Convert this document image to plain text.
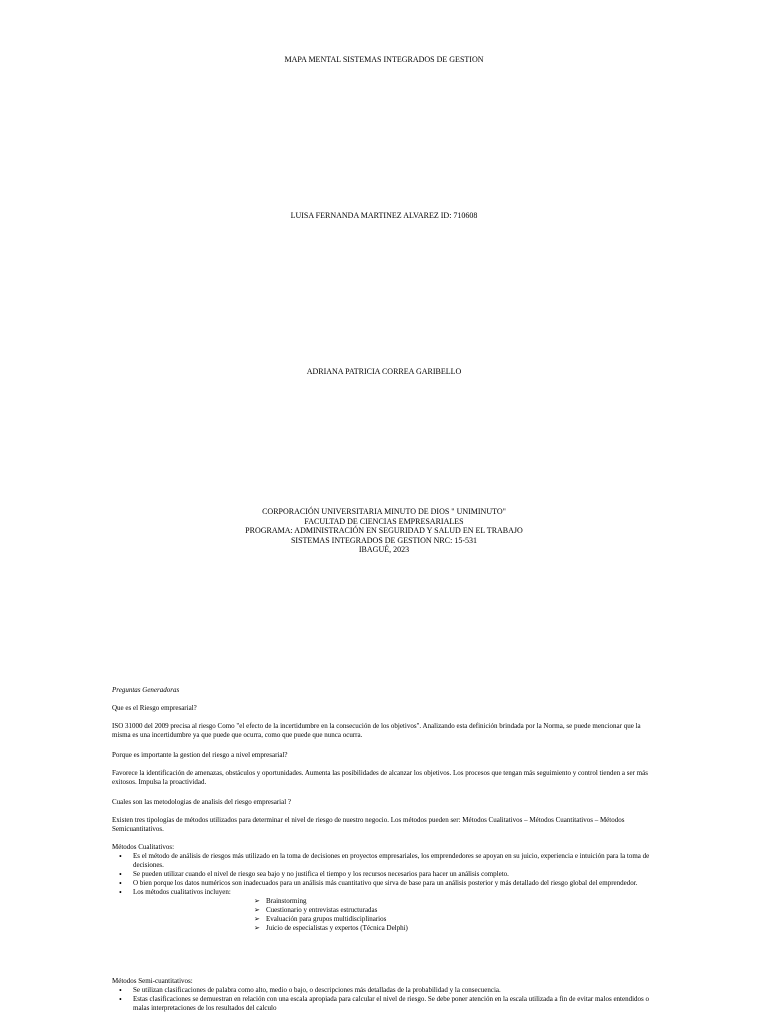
MAPA MENTAL SISTEMAS INTEGRADOS DE GESTION
LUISA FERNANDA MARTINEZ ALVAREZ ID: 710608
ADRIANA PATRICIA CORREA GARIBELLO
CORPORACIÓN UNIVERSITARIA MINUTO DE DIOS " UNIMINUTO"
FACULTAD DE CIENCIAS EMPRESARIALES
PROGRAMA: ADMINISTRACIÓN EN SEGURIDAD Y SALUD EN EL TRABAJO
SISTEMAS INTEGRADOS DE GESTION NRC: 15-531
IBAGUÉ, 2023
Preguntas Generadoras
Que es el Riesgo empresarial?
ISO 31000 del 2009 precisa al riesgo Como "el efecto de la incertidumbre en la consecución de los objetivos". Analizando esta definición brindada por la Norma, se puede mencionar que la misma es una incertidumbre ya que puede que ocurra, como que puede que nunca ocurra.
Porque es importante la gestion del riesgo a nivel empresarial?
Favorece la identificación de amenazas, obstáculos y oportunidades. Aumenta las posibilidades de alcanzar los objetivos. Los procesos que tengan más seguimiento y control tienden a ser más exitosos. Impulsa la proactividad.
Cuales son las metodologias de analisis del riesgo empresarial ?
Existen tres tipologías de métodos utilizados para determinar el nivel de riesgo de nuestro negocio. Los métodos pueden ser: Métodos Cualitativos – Métodos Cuantitativos – Métodos Semicuantitativos.
Métodos Cualitativos:
• Es el método de análisis de riesgos más utilizado en la toma de decisiones en proyectos empresariales, los emprendedores se apoyan en su juicio, experiencia e intuición para la toma de decisiones.
• Se pueden utilizar cuando el nivel de riesgo sea bajo y no justifica el tiempo y los recursos necesarios para hacer un análisis completo.
• O bien porque los datos numéricos son inadecuados para un análisis más cuantitativo que sirva de base para un análisis posterior y más detallado del riesgo global del emprendedor.
• Los métodos cualitativos incluyen:
➢ Brainstorming
➢ Cuestionario y entrevistas estructuradas
➢ Evaluación para grupos multidisciplinarios
➢ Juicio de especialistas y expertos (Técnica Delphi)
Métodos Semi-cuantitativos:
• Se utilizan clasificaciones de palabra como alto, medio o bajo, o descripciones más detalladas de la probabilidad y la consecuencia.
• Estas clasificaciones se demuestran en relación con una escala apropiada para calcular el nivel de riesgo. Se debe poner atención en la escala utilizada a fin de evitar malos entendidos o malas interpretaciones de los resultados del calculo
